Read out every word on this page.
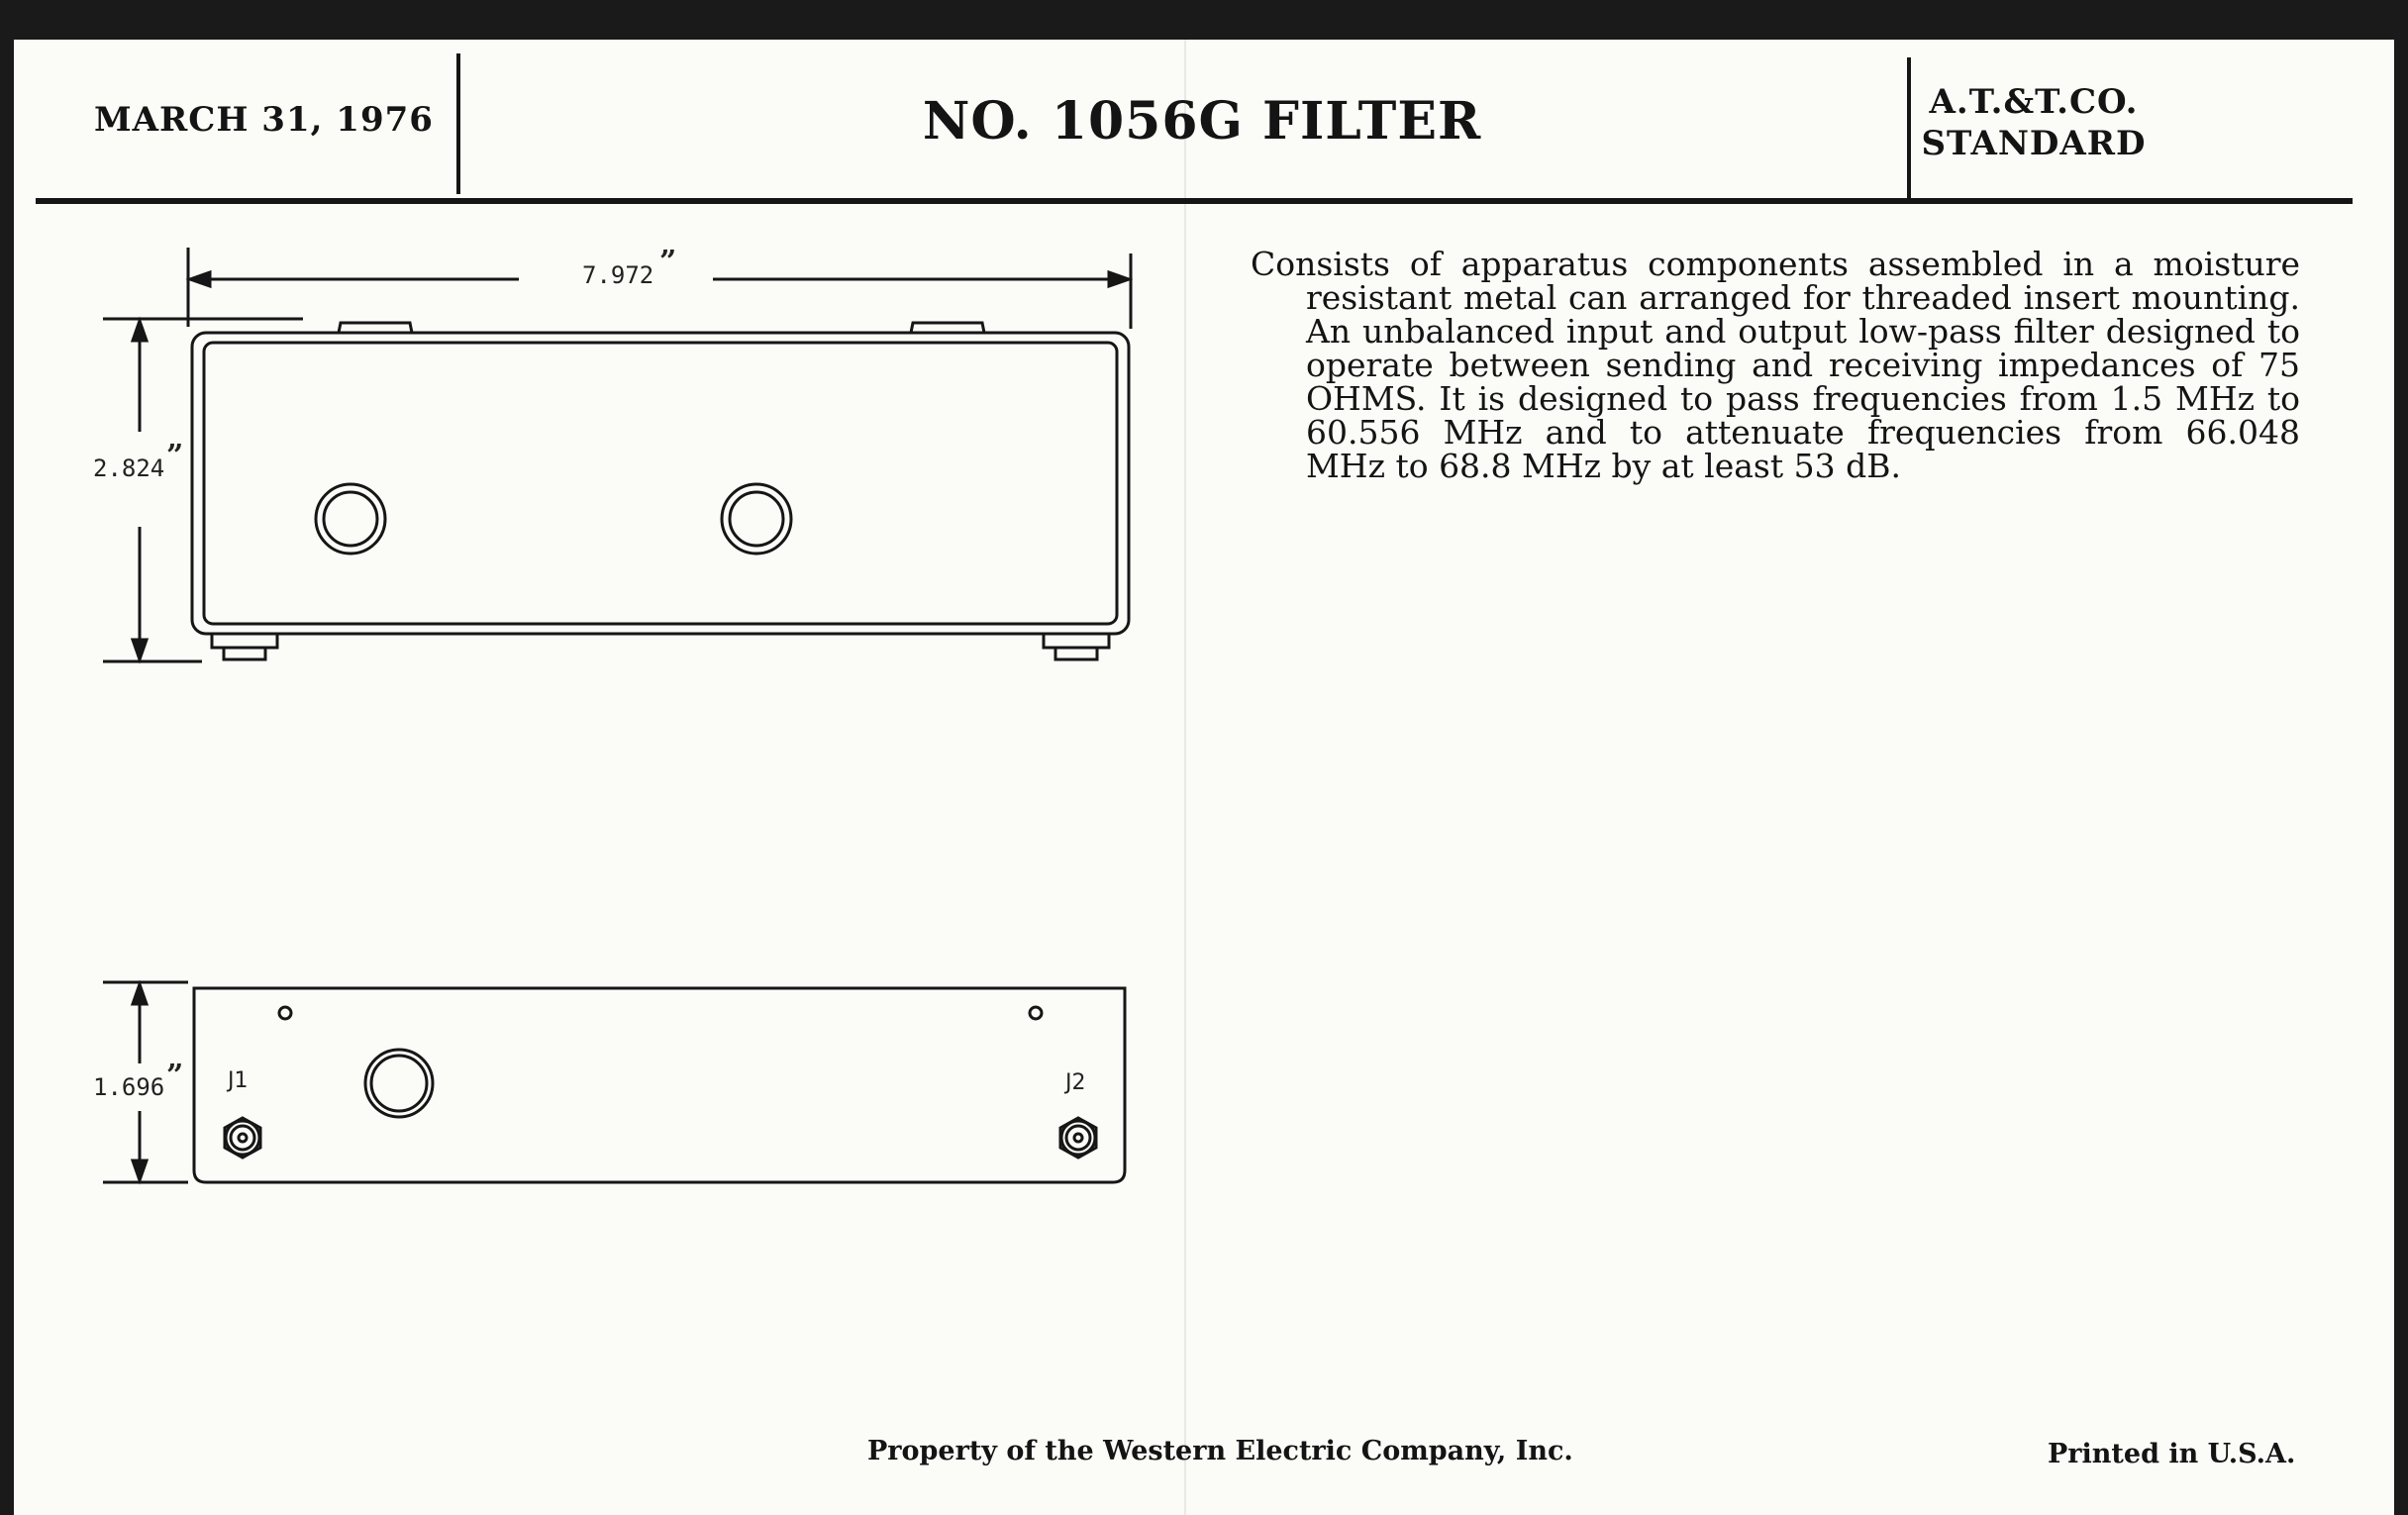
MARCH 31, 1976	NO. 1056G FILTER	A.T.&T.CO.
STANDARD
Consists of apparatus components assembled in a moisture resistant metal can arranged for threaded insert mounting. An unbalanced input and output low-pass filter designed to operate between sending and receiving impedances of 75 OHMS. It is designed to pass frequencies from 1.5 MHz to 60.556 MHz and to attenuate frequencies from 66.048 MHz to 68.8 MHz by at least 53 dB.
Property of the Western Electric Company, Inc.	Printed in U.S.A.
7.972 ”
2.824 ”
1.696 ” J1	J2
